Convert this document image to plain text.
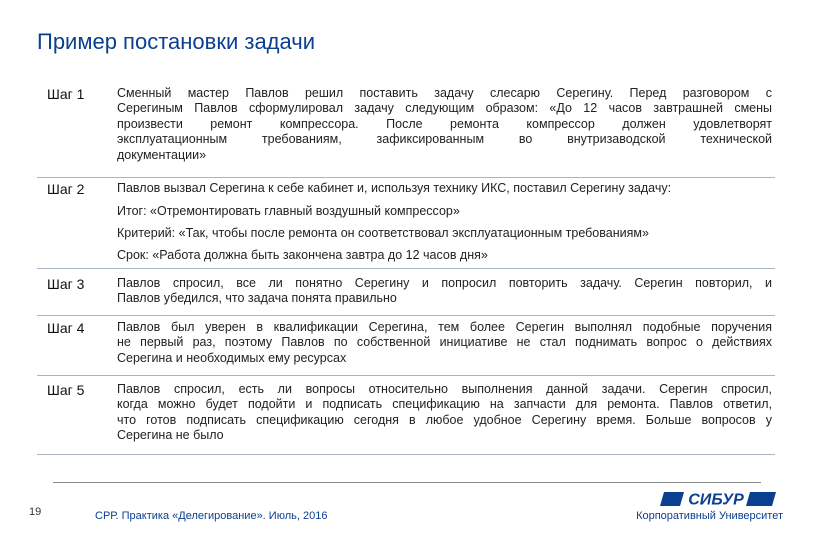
Пример постановки задачи
Шаг 1	Сменный мастер Павлов решил поставить задачу слесарю Серегину. Перед разговором с
Серегиным Павлов сформулировал задачу следующим образом: «До 12 часов завтрашней смены
произвести ремонт компрессора. После ремонта компрессор должен удовлетворят
эксплуатационным требованиям, зафиксированным во внутризаводской технической
документации»
Шаг 2	Павлов вызвал Серегина к себе кабинет и, используя технику ИКС, поставил Серегину задачу:
Итог: «Отремонтировать главный воздушный компрессор»
Критерий: «Так, чтобы после ремонта он соответствовал эксплуатационным требованиям»
Срок: «Работа должна быть закончена завтра до 12 часов дня»
Шаг 3	Павлов спросил, все ли понятно Серегину и попросил повторить задачу. Серегин повторил, и
Павлов убедился, что задача понята правильно
Шаг 4	Павлов был уверен в квалификации Серегина, тем более Серегин выполнял подобные поручения
не первый раз, поэтому Павлов по собственной инициативе не стал поднимать вопрос о действиях
Серегина и необходимых ему ресурсах
Шаг 5	Павлов спросил, есть ли вопросы относительно выполнения данной задачи. Серегин спросил,
когда можно будет подойти и подписать спецификацию на запчасти для ремонта. Павлов ответил,
что готов подписать спецификацию сегодня в любое удобное Серегину время. Больше вопросов у
Серегина не было
19	СРР. Практика «Делегирование». Июль, 2016
СИБУР
Корпоративный Университет
